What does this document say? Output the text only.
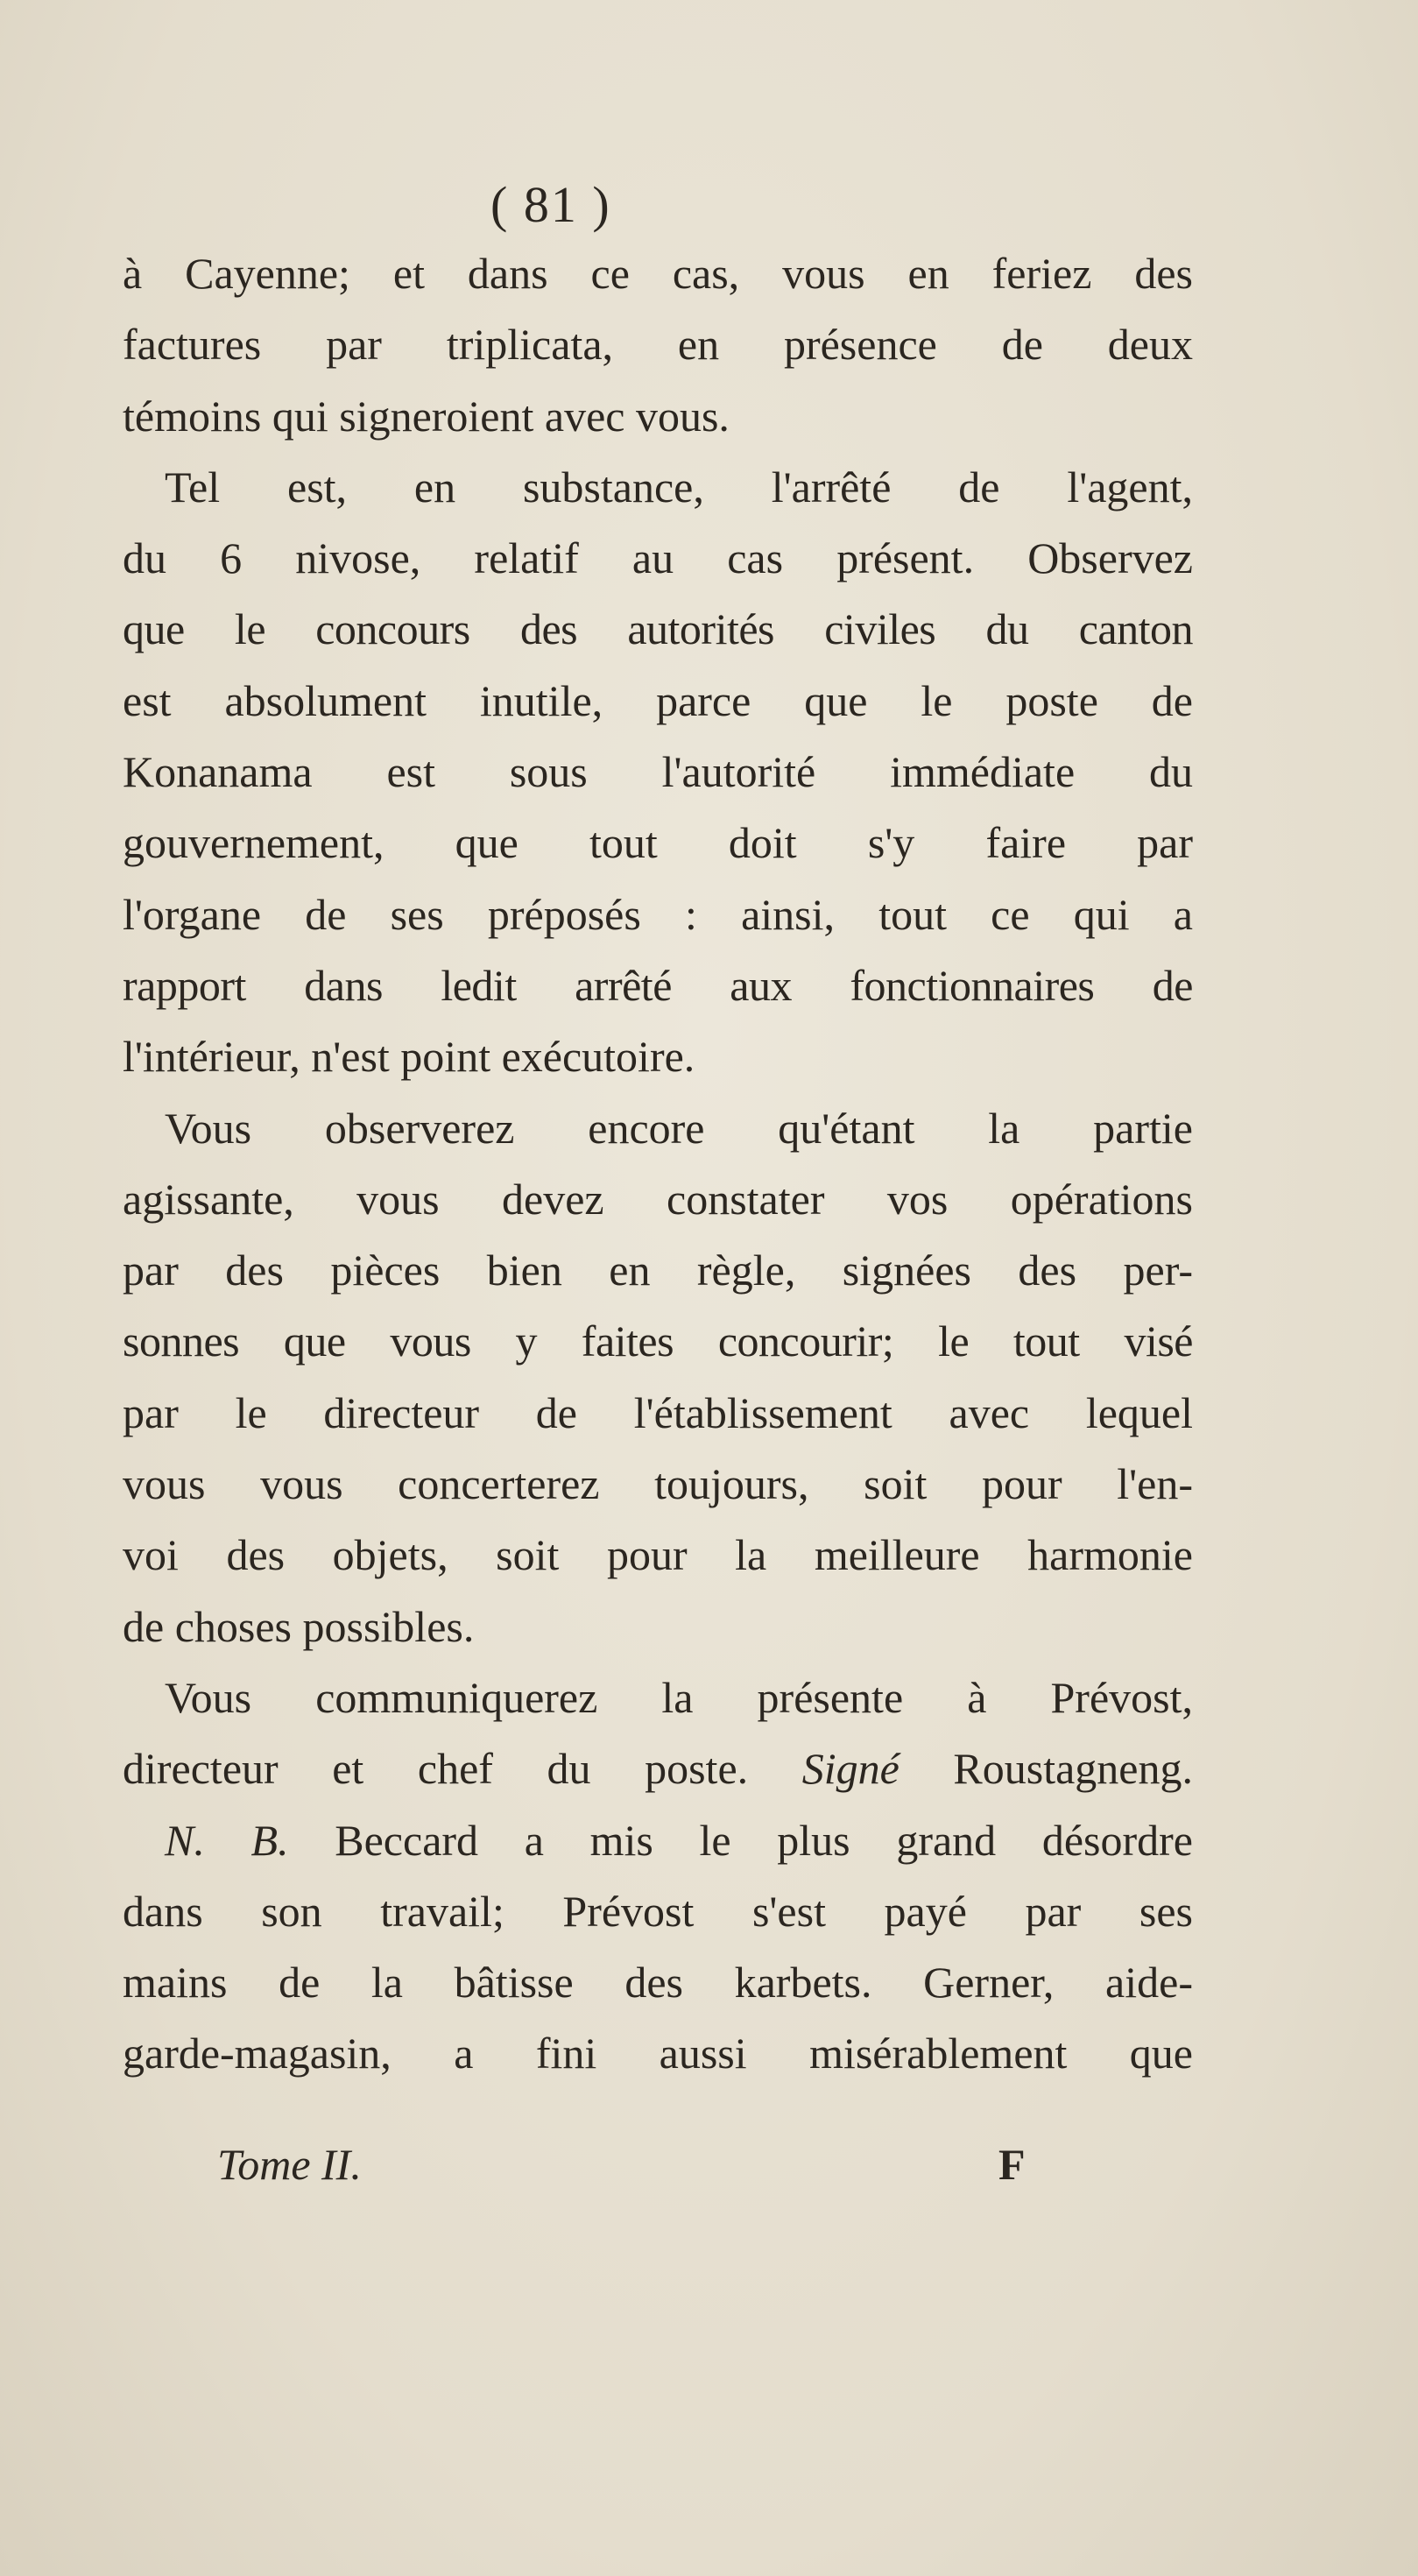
( 81 )
à Cayenne; et dans ce cas, vous en feriez des
factures par triplicata, en présence de deux
témoins qui signeroient avec vous.
Tel est, en substance, l'arrêté de l'agent,
du 6 nivose, relatif au cas présent. Observez
que le concours des autorités civiles du canton
est absolument inutile, parce que le poste de
Konanama est sous l'autorité immédiate du
gouvernement, que tout doit s'y faire par
l'organe de ses préposés : ainsi, tout ce qui a
rapport dans ledit arrêté aux fonctionnaires de
l'intérieur, n'est point exécutoire.
Vous observerez encore qu'étant la partie
agissante, vous devez constater vos opérations
par des pièces bien en règle, signées des per-
sonnes que vous y faites concourir; le tout visé
par le directeur de l'établissement avec lequel
vous vous concerterez toujours, soit pour l'en-
voi des objets, soit pour la meilleure harmonie
de choses possibles.
Vous communiquerez la présente à Prévost,
directeur et chef du poste. Signé Roustagneng.
N. B. Beccard a mis le plus grand désordre
dans son travail; Prévost s'est payé par ses
mains de la bâtisse des karbets. Gerner, aide-
garde-magasin, a fini aussi misérablement que
Tome II.	F
